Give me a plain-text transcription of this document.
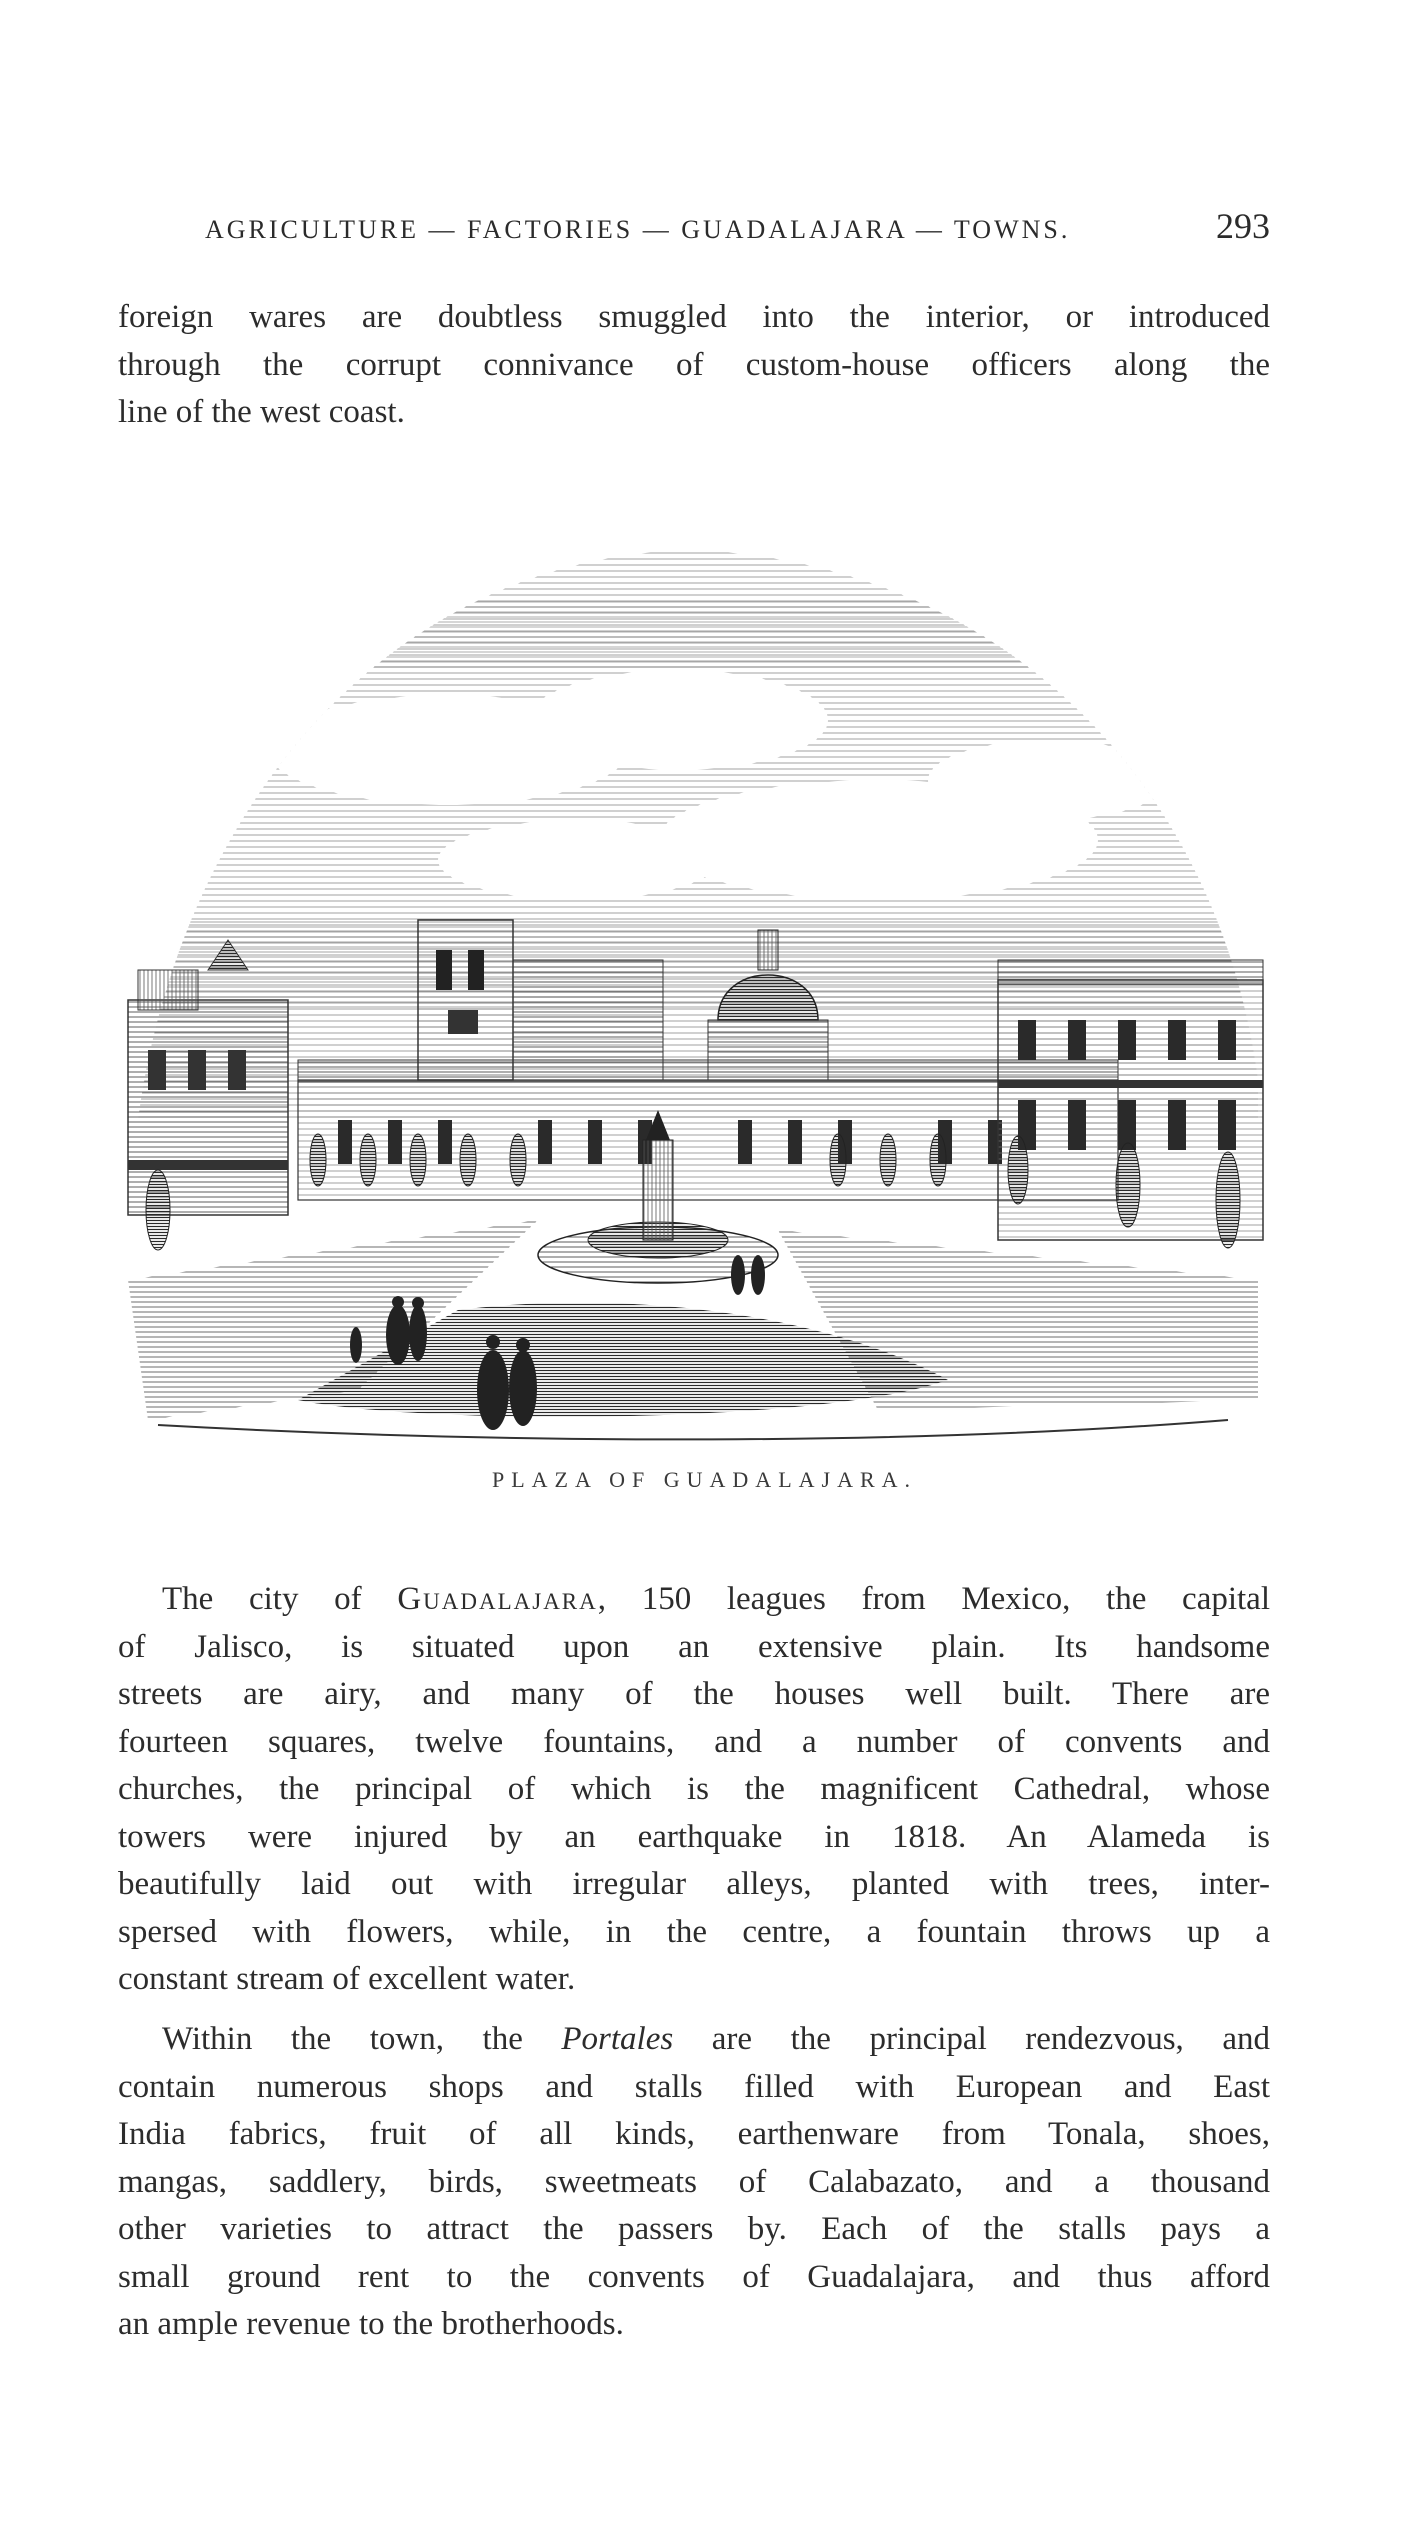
AGRICULTURE — FACTORIES — GUADALAJARA — TOWNS.	293
foreign wares are doubtless smuggled into the interior, or introduced
through the corrupt connivance of custom-house officers along the
line of the west coast.
PLAZA OF GUADALAJARA.
The city of Guadalajara, 150 leagues from Mexico, the capital
of Jalisco, is situated upon an extensive plain. Its handsome
streets are airy, and many of the houses well built. There are
fourteen squares, twelve fountains, and a number of convents and
churches, the principal of which is the magnificent Cathedral, whose
towers were injured by an earthquake in 1818. An Alameda is
beautifully laid out with irregular alleys, planted with trees, inter-
spersed with flowers, while, in the centre, a fountain throws up a
constant stream of excellent water.
Within the town, the Portales are the principal rendezvous, and
contain numerous shops and stalls filled with European and East
India fabrics, fruit of all kinds, earthenware from Tonala, shoes,
mangas, saddlery, birds, sweetmeats of Calabazato, and a thousand
other varieties to attract the passers by. Each of the stalls pays a
small ground rent to the convents of Guadalajara, and thus afford
an ample revenue to the brotherhoods.
